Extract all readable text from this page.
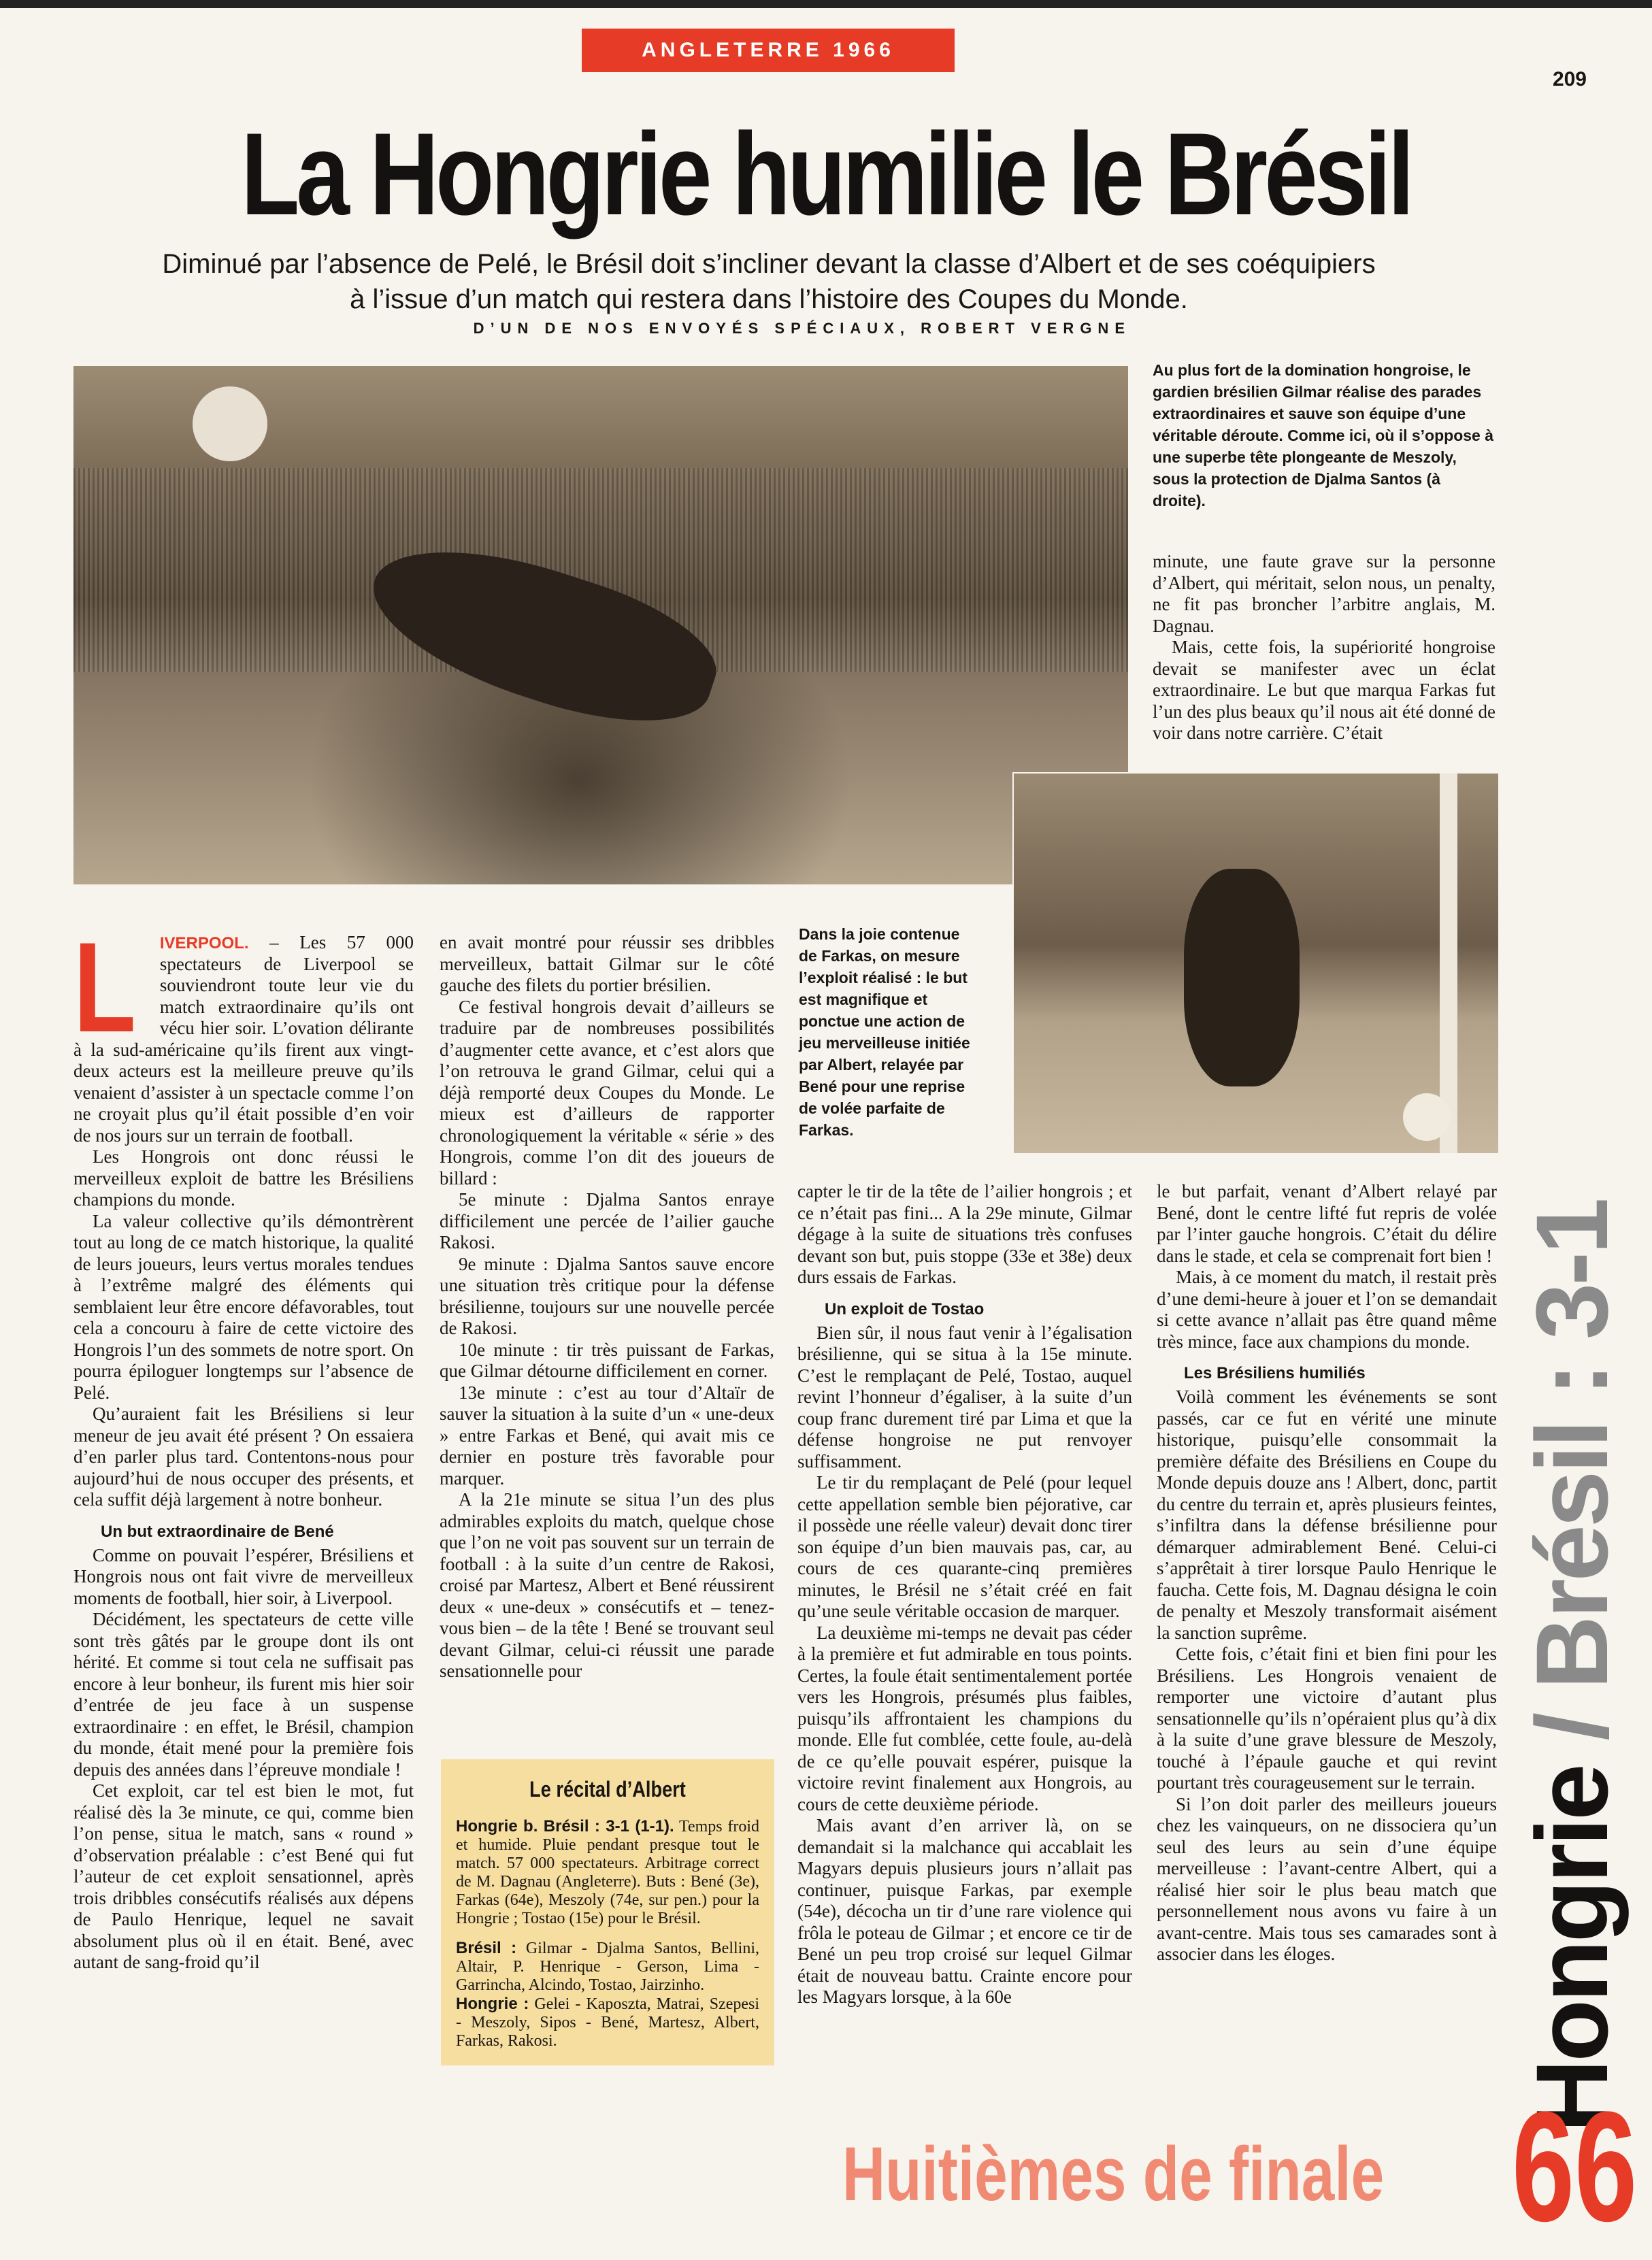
ANGLETERRE 1966
209
La Hongrie humilie le Brésil
Diminué par l’absence de Pelé, le Brésil doit s’incliner devant la classe d’Albert et de ses coéquipiers
à l’issue d’un match qui restera dans l’histoire des Coupes du Monde.
D’UN DE NOS ENVOYÉS SPÉCIAUX, ROBERT VERGNE

Au plus fort de la domination hongroise, le gardien brésilien Gilmar réalise des parades extraordinaires et sauve son équipe d’une véritable déroute. Comme ici, où il s’oppose à une superbe tête plongeante de Meszoly, sous la protection de Djalma Santos (à droite).

Dans la joie contenue de Farkas, on mesure l’exploit réalisé : le but est magnifique et ponctue une action de jeu merveilleuse initiée par Albert, relayée par Bené pour une reprise de volée parfaite de Farkas.

L IVERPOOL. – Les 57 000 spectateurs de Liverpool se souviendront toute leur vie du match extraordinaire qu’ils ont vécu hier soir. L’ovation délirante à la sud-américaine qu’ils firent aux vingt-deux acteurs est la meilleure preuve qu’ils venaient d’assister à un spectacle comme l’on ne croyait plus qu’il était possible d’en voir de nos jours sur un terrain de football.

Les Hongrois ont donc réussi le merveilleux exploit de battre les Brésiliens champions du monde.

La valeur collective qu’ils démontrèrent tout au long de ce match historique, la qualité de leurs joueurs, leurs vertus morales tendues à l’extrême malgré des éléments qui semblaient leur être encore défavorables, tout cela a concouru à faire de cette victoire des Hongrois l’un des sommets de notre sport. On pourra épiloguer longtemps sur l’absence de Pelé.

Qu’auraient fait les Brésiliens si leur meneur de jeu avait été présent ? On essaiera d’en parler plus tard. Contentons-nous pour aujourd’hui de nous occuper des présents, et cela suffit déjà largement à notre bonheur.

Un but extraordinaire de Bené

Comme on pouvait l’espérer, Brésiliens et Hongrois nous ont fait vivre de merveilleux moments de football, hier soir, à Liverpool.

Décidément, les spectateurs de cette ville sont très gâtés par le groupe dont ils ont hérité. Et comme si tout cela ne suffisait pas encore à leur bonheur, ils furent mis hier soir d’entrée de jeu face à un suspense extraordinaire : en effet, le Brésil, champion du monde, était mené pour la première fois depuis des années dans l’épreuve mondiale !

Cet exploit, car tel est bien le mot, fut réalisé dès la 3e minute, ce qui, comme bien l’on pense, situa le match, sans « round » d’observation préalable : c’est Bené qui fut l’auteur de cet exploit sensationnel, après trois dribbles consécutifs réalisés aux dépens de Paulo Henrique, lequel ne savait absolument plus où il en était. Bené, avec autant de sang-froid qu’il

en avait montré pour réussir ses dribbles merveilleux, battait Gilmar sur le côté gauche des filets du portier brésilien.

Ce festival hongrois devait d’ailleurs se traduire par de nombreuses possibilités d’augmenter cette avance, et c’est alors que l’on retrouva le grand Gilmar, celui qui a déjà remporté deux Coupes du Monde. Le mieux est d’ailleurs de rapporter chronologiquement la véritable « série » des Hongrois, comme l’on dit des joueurs de billard :

5e minute : Djalma Santos enraye difficilement une percée de l’ailier gauche Rakosi.

9e minute : Djalma Santos sauve encore une situation très critique pour la défense brésilienne, toujours sur une nouvelle percée de Rakosi.

10e minute : tir très puissant de Farkas, que Gilmar détourne difficilement en corner.

13e minute : c’est au tour d’Altaïr de sauver la situation à la suite d’un « une-deux » entre Farkas et Bené, qui avait mis ce dernier en posture très favorable pour marquer.

A la 21e minute se situa l’un des plus admirables exploits du match, quelque chose que l’on ne voit pas souvent sur un terrain de football : à la suite d’un centre de Rakosi, croisé par Martesz, Albert et Bené réussirent deux « une-deux » consécutifs et – tenez-vous bien – de la tête ! Bené se trouvant seul devant Gilmar, celui-ci réussit une parade sensationnelle pour

Le récital d’Albert

Hongrie b. Brésil : 3-1 (1-1). Temps froid et humide. Pluie pendant presque tout le match. 57 000 spectateurs. Arbitrage correct de M. Dagnau (Angleterre). Buts : Bené (3e), Farkas (64e), Meszoly (74e, sur pen.) pour la Hongrie ; Tostao (15e) pour le Brésil.

Brésil : Gilmar - Djalma Santos, Bellini, Altair, P. Henrique - Gerson, Lima - Garrincha, Alcindo, Tostao, Jairzinho.
Hongrie : Gelei - Kaposzta, Matrai, Szepesi - Meszoly, Sipos - Bené, Martesz, Albert, Farkas, Rakosi.

capter le tir de la tête de l’ailier hongrois ; et ce n’était pas fini... A la 29e minute, Gilmar dégage à la suite de situations très confuses devant son but, puis stoppe (33e et 38e) deux durs essais de Farkas.

Un exploit de Tostao

Bien sûr, il nous faut venir à l’égalisation brésilienne, qui se situa à la 15e minute. C’est le remplaçant de Pelé, Tostao, auquel revint l’honneur d’égaliser, à la suite d’un coup franc durement tiré par Lima et que la défense hongroise ne put renvoyer suffisamment.

Le tir du remplaçant de Pelé (pour lequel cette appellation semble bien péjorative, car il possède une réelle valeur) devait donc tirer son équipe d’un bien mauvais pas, car, au cours de ces quarante-cinq premières minutes, le Brésil ne s’était créé en fait qu’une seule véritable occasion de marquer.

La deuxième mi-temps ne devait pas céder à la première et fut admirable en tous points. Certes, la foule était sentimentalement portée vers les Hongrois, présumés plus faibles, puisqu’ils affrontaient les champions du monde. Elle fut comblée, cette foule, au-delà de ce qu’elle pouvait espérer, puisque la victoire revint finalement aux Hongrois, au cours de cette deuxième période.

Mais avant d’en arriver là, on se demandait si la malchance qui accablait les Magyars depuis plusieurs jours n’allait pas continuer, puisque Farkas, par exemple (54e), décocha un tir d’une rare violence qui frôla le poteau de Gilmar ; et encore ce tir de Bené un peu trop croisé sur lequel Gilmar était de nouveau battu. Crainte encore pour les Magyars lorsque, à la 60e

minute, une faute grave sur la personne d’Albert, qui méritait, selon nous, un penalty, ne fit pas broncher l’arbitre anglais, M. Dagnau.

Mais, cette fois, la supériorité hongroise devait se manifester avec un éclat extraordinaire. Le but que marqua Farkas fut l’un des plus beaux qu’il nous ait été donné de voir dans notre carrière. C’était

le but parfait, venant d’Albert relayé par Bené, dont le centre lifté fut repris de volée par l’inter gauche hongrois. C’était du délire dans le stade, et cela se comprenait fort bien !

Mais, à ce moment du match, il restait près d’une demi-heure à jouer et l’on se demandait si cette avance n’allait pas être quand même très mince, face aux champions du monde.

Les Brésiliens humiliés

Voilà comment les événements se sont passés, car ce fut en vérité une minute historique, puisqu’elle consommait la première défaite des Brésiliens en Coupe du Monde depuis douze ans ! Albert, donc, partit du centre du terrain et, après plusieurs feintes, s’infiltra dans la défense brésilienne pour démarquer admirablement Bené. Celui-ci s’apprêtait à tirer lorsque Paulo Henrique le faucha. Cette fois, M. Dagnau désigna le coin de penalty et Meszoly transformait aisément la sanction suprême.

Cette fois, c’était fini et bien fini pour les Brésiliens. Les Hongrois venaient de remporter une victoire d’autant plus sensationnelle qu’ils n’opéraient plus qu’à dix à la suite d’une grave blessure de Meszoly, touché à l’épaule gauche et qui revint pourtant très courageusement sur le terrain.

Si l’on doit parler des meilleurs joueurs chez les vainqueurs, on ne dissociera qu’un seul des leurs au sein d’une équipe merveilleuse : l’avant-centre Albert, qui a réalisé hier soir le plus beau match que personnellement nous avons vu faire à un avant-centre. Mais tous ses camarades sont à associer dans les éloges.	Hongrie / Brésil : 3-1
Huitièmes de finale 66
